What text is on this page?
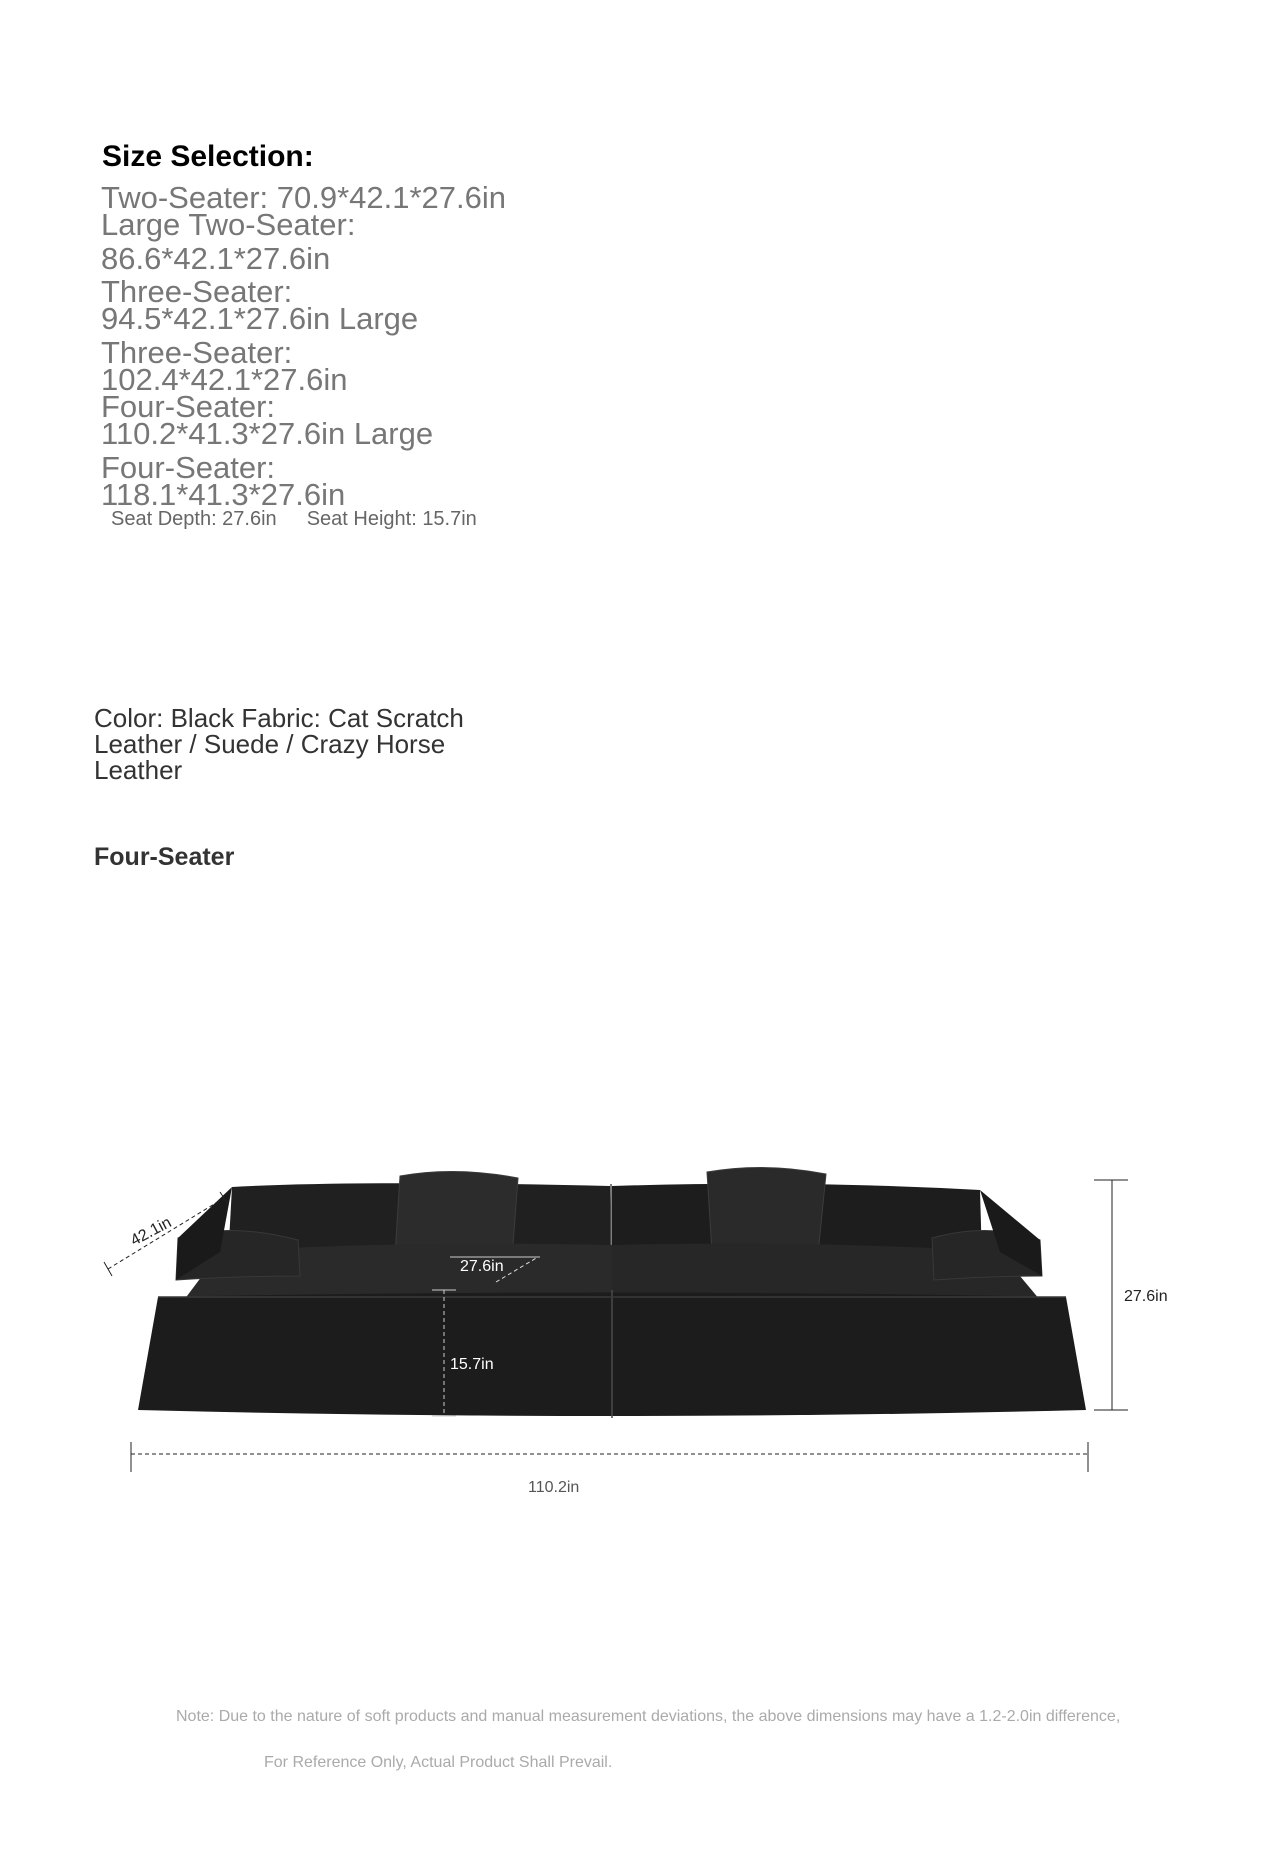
Size Selection:
Two-Seater: 70.9*42.1*27.6in
Large Two-Seater:
86.6*42.1*27.6in
Three-Seater:
94.5*42.1*27.6in Large
Three-Seater:
102.4*42.1*27.6in
Four-Seater:
110.2*41.3*27.6in Large
Four-Seater:
118.1*41.3*27.6in
Seat Depth: 27.6in Seat Height: 15.7in
Color: Black Fabric: Cat Scratch
Leather / Suede / Crazy Horse
Leather
Four-Seater
42.1in
27.6in
15.7in
27.6in
110.2in
Note: Due to the nature of soft products and manual measurement deviations, the above dimensions may have a 1.2-2.0in difference,
For Reference Only, Actual Product Shall Prevail.
